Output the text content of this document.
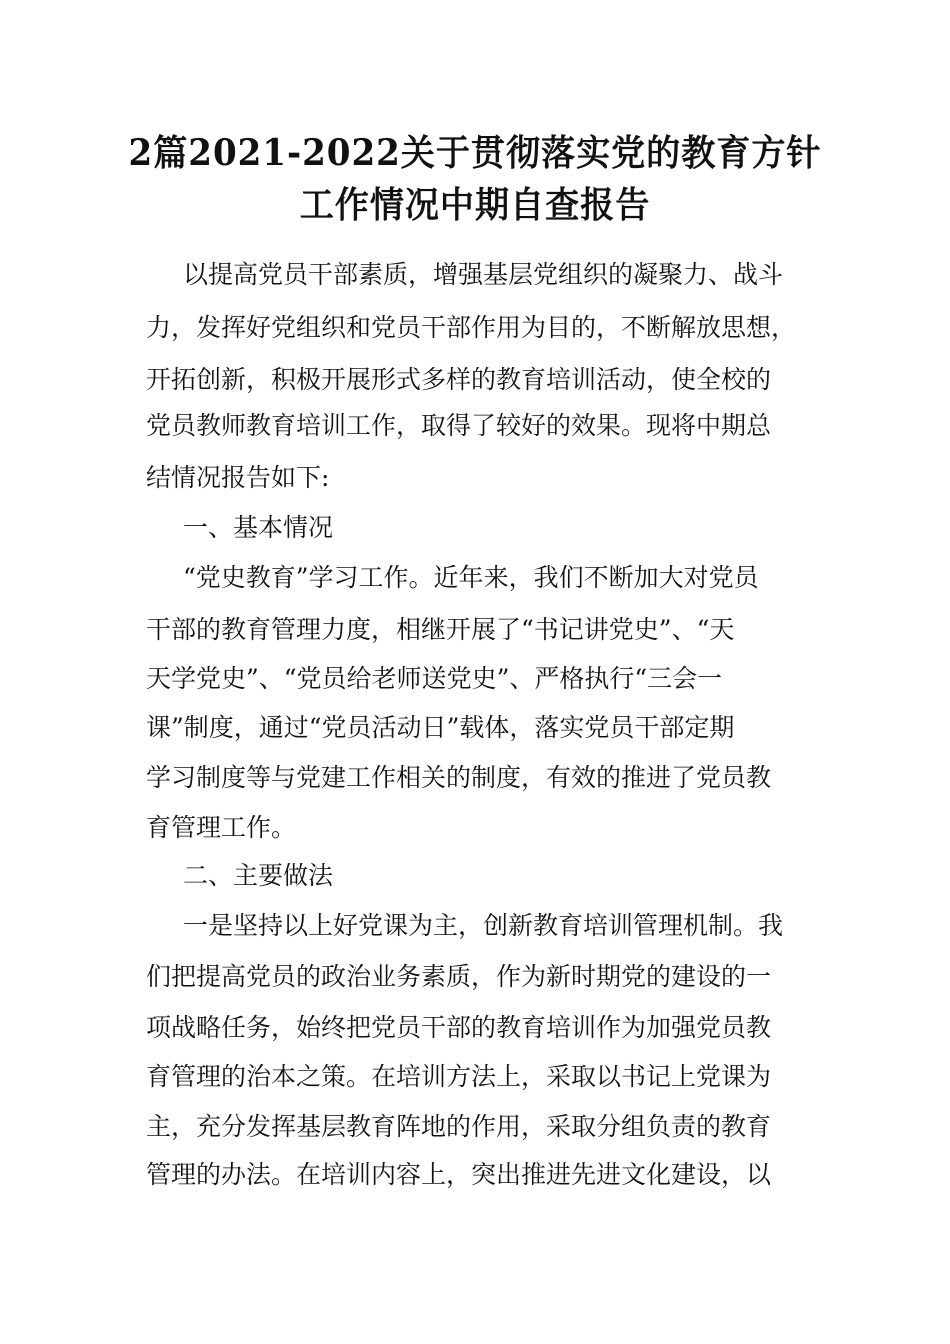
2篇2021-2022关于贯彻落实党的教育方针
工作情况中期自查报告
以提高党员干部素质，增强基层党组织的凝聚力、战斗
力，发挥好党组织和党员干部作用为目的，不断解放思想，
开拓创新，积极开展形式多样的教育培训活动，使全校的
党员教师教育培训工作，取得了较好的效果。现将中期总
结情况报告如下:
一、基本情况
“党史教育”学习工作。近年来，我们不断加大对党员
干部的教育管理力度，相继开展了“书记讲党史”、“天
天学党史”、“党员给老师送党史”、严格执行“三会一
课”制度，通过“党员活动日”载体，落实党员干部定期
学习制度等与党建工作相关的制度，有效的推进了党员教
育管理工作。
二、主要做法
一是坚持以上好党课为主，创新教育培训管理机制。我
们把提高党员的政治业务素质，作为新时期党的建设的一
项战略任务，始终把党员干部的教育培训作为加强党员教
育管理的治本之策。在培训方法上，采取以书记上党课为
主，充分发挥基层教育阵地的作用，采取分组负责的教育
管理的办法。在培训内容上，突出推进先进文化建设，以
